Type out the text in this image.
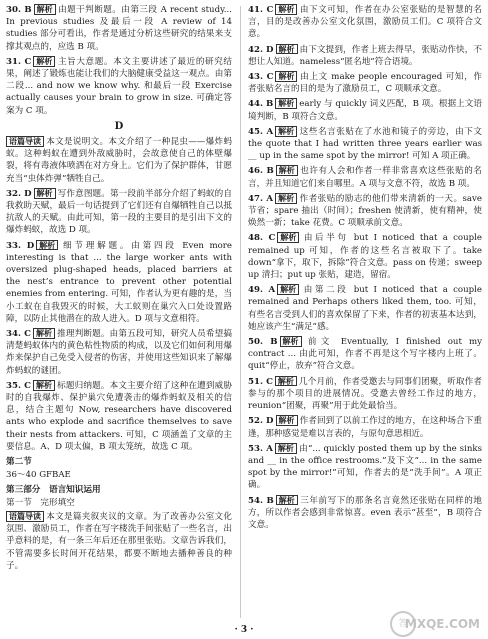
30. B 解析 由题干判断题。由第三段 A recent study... In previous studies 及最后一段 A review of 14 studies 部分可看出，作者是通过分析这些研究的结果来支撑其观点的，应选 B 项。
31. C 解析 主旨大意题。本文主要讲述了最近的研究结果，阐述了锻炼也能让我们的大脑健康受益这一观点。由第二段... and now we know why. 和最后一段 Exercise actually causes your brain to grow in size. 可确定答案为 C 项。
D
语篇导读 本文是说明文。本文介绍了一种昆虫——爆炸蚂蚁。这种蚂蚁在遭到外敌威胁时，会故意使自己的体壁爆裂，将有毒液体喷洒在对方身上。它们为了保护群体，甘愿充当“虫体炸弹”牺牲自己。
32. D 解析 写作意图题。第一段前半部分介绍了蚂蚁的自我救助天赋，最后一句话提到了它们还有自爆牺牲自己以抵抗敌人的天赋。由此可知，第一段的主要目的是引出下文的爆炸蚂蚁，故选 D 项。
33. D 解析 细节理解题。由第四段 Even more interesting is that ... the large worker ants with oversized plug-shaped heads, placed barriers at the nest’s entrance to prevent other potential enemies from entering. 可知，作者认为更有趣的是，当小工蚁在自我毁灭的时候，大工蚁则在巢穴入口处设置路障，以防止其他潜在的敌人进入。D 项与文意相符。
34. C 解析 推理判断题。由第五段可知，研究人员希望搞清楚蚂蚁体内的黄色粘性物质的构成，以及它们如何利用爆炸来保护自己免受入侵者的伤害，并使用这些知识来了解爆炸蚂蚁的谜团。
35. C 解析 标题归纳题。本文主要介绍了这种在遭到威胁时的自我爆炸、保护巢穴免遭袭击的爆炸蚂蚁及相关的信息，结合主题句 Now, researchers have discovered ants who explode and sacrifice themselves to save their nests from attackers. 可知，C 项涵盖了文章的主要信息。A、D 项太偏，B 项太笼统，故选 C 项。
第二节
36～40 GFBAE
第三部分　语言知识运用
第一节　完形填空
语篇导读 本文是篇夹叙夹议的文章。为了改善办公室文化氛围、激励员工，作者在写字楼洗手间张贴了一些名言，出乎意料的是，有一条三年后还在那里张贴。文章告诉我们，不管需要多长时间开花结果，都要不断地去播种善良的种子。
41. C 解析 由下文可知，作者在办公室张贴的是智慧的名言，目的是改善办公室文化氛围，激励员工们。C 项符合文意。
42. D 解析 由下文提到，作者上班去得早，张贴动作快，不想让人知道。nameless“匿名地”符合语境。
43. C 解析 由上文 make people encouraged 可知，作者张贴名言的目的是为了激励员工，C 项顺承文意。
44. B 解析 early 与 quickly 词义匹配，B 项。根据上文语境判断，B 项符合文意。
45. A 解析 这些名言张贴在了水池和镜子的旁边，由下文 the quote that I had written three years earlier was __ up in the same spot by the mirror! 可知 A 项正确。
46. B 解析 也许有人会和作者一样非常喜欢这些张贴的名言，并且知道它们来自哪里。A 项与文意不符，故选 B 项。
47. A 解析 作者张贴的励志的他们带来清新的一天。save 节省；spare 抽出（时间）；freshen 使清新，使有精神，使焕然一新；take 花费。C 项顺承前文意。
48. C 解析 由后半句 but I noticed that a couple remained up 可知，作者的这些名言被取下了。take down“拿下，取下，拆除”符合文意。pass on 传递；sweep up 清扫；put up 张贴，建造，留宿。
49. A 解析 由第二段 but I noticed that a couple remained and Perhaps others liked them, too. 可知，有些名言受到人们的喜欢保留了下来，作者的初衷基本达到，她应该产生“满足”感。
50. B 解析 前文 Eventually, I finished out my contract ... 由此可知，作者不再是这个写字楼内上班了。quit“停止，放弃”符合文意。
51. C 解析 几个月前，作者受邀去与同事们团聚，听取作者参与的那个项目的进展情况。受邀去曾经工作过的地方，reunion“团聚，再聚”用于此处最恰当。
52. D 解析 作者回到了以前工作过的地方，在这种场合下重逢，那种感觉是难以言表的，与原句意思相近。
53. A 解析 由“... quickly posted them up by the sinks and __ in the office restrooms.”及下文“... in the same spot by the mirror!”可知，作者去的是“洗手间”。A 项正确。
54. B 解析 三年前写下的那条名言竟然还张贴在同样的地方，所以作者会感到非常惊喜。even 表示“甚至”，B 项符合文意。
· 3 ·
答
MXQE.COM
